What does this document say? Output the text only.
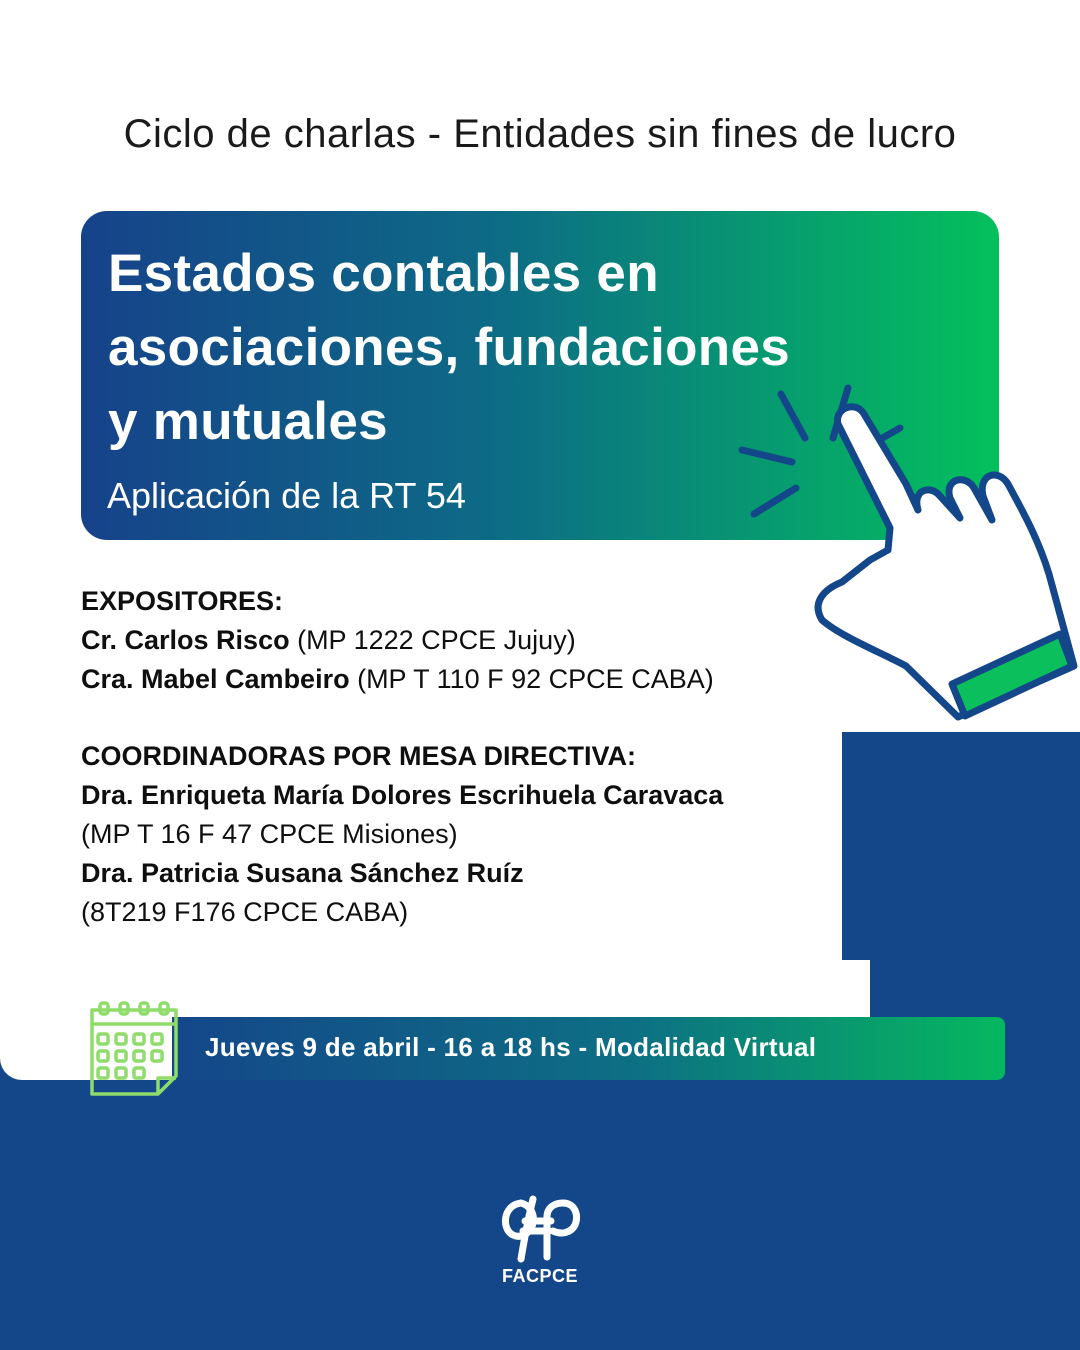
Ciclo de charlas - Entidades sin fines de lucro
Estados contables en
asociaciones, fundaciones
y mutuales
Aplicación de la RT 54
EXPOSITORES:
Cr. Carlos Risco (MP 1222 CPCE Jujuy)
Cra. Mabel Cambeiro (MP T 110 F 92 CPCE CABA)
COORDINADORAS POR MESA DIRECTIVA:
Dra. Enriqueta María Dolores Escrihuela Caravaca
(MP T 16 F 47 CPCE Misiones)
Dra. Patricia Susana Sánchez Ruíz
(8T219 F176 CPCE CABA)
Jueves 9 de abril - 16 a 18 hs - Modalidad Virtual
FACPCE
